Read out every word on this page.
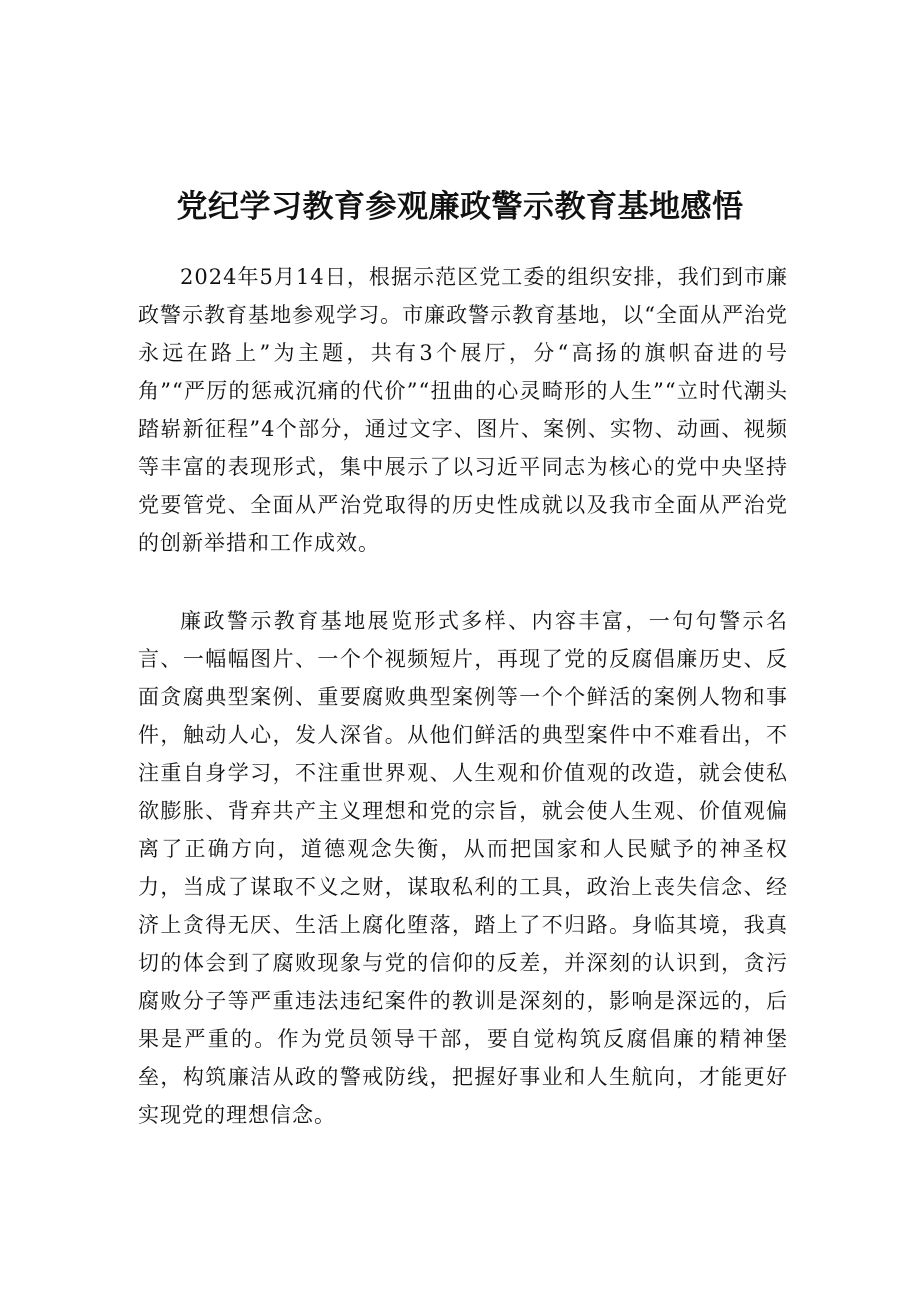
党纪学习教育参观廉政警示教育基地感悟

2024年5月14日，根据示范区党工委的组织安排，我们到市廉政警示教育基地参观学习。市廉政警示教育基地，以“全面从严治党永远在路上”为主题，共有3个展厅，分“高扬的旗帜奋进的号角”“严厉的惩戒沉痛的代价”“扭曲的心灵畸形的人生”“立时代潮头踏崭新征程”4个部分，通过文字、图片、案例、实物、动画、视频等丰富的表现形式，集中展示了以习近平同志为核心的党中央坚持党要管党、全面从严治党取得的历史性成就以及我市全面从严治党的创新举措和工作成效。

廉政警示教育基地展览形式多样、内容丰富，一句句警示名言、一幅幅图片、一个个视频短片，再现了党的反腐倡廉历史、反面贪腐典型案例、重要腐败典型案例等一个个鲜活的案例人物和事件，触动人心，发人深省。从他们鲜活的典型案件中不难看出，不注重自身学习，不注重世界观、人生观和价值观的改造，就会使私欲膨胀、背弃共产主义理想和党的宗旨，就会使人生观、价值观偏离了正确方向，道德观念失衡，从而把国家和人民赋予的神圣权力，当成了谋取不义之财，谋取私利的工具，政治上丧失信念、经济上贪得无厌、生活上腐化堕落，踏上了不归路。身临其境，我真切的体会到了腐败现象与党的信仰的反差，并深刻的认识到，贪污腐败分子等严重违法违纪案件的教训是深刻的，影响是深远的，后果是严重的。作为党员领导干部，要自觉构筑反腐倡廉的精神堡垒，构筑廉洁从政的警戒防线，把握好事业和人生航向，才能更好实现党的理想信念。
